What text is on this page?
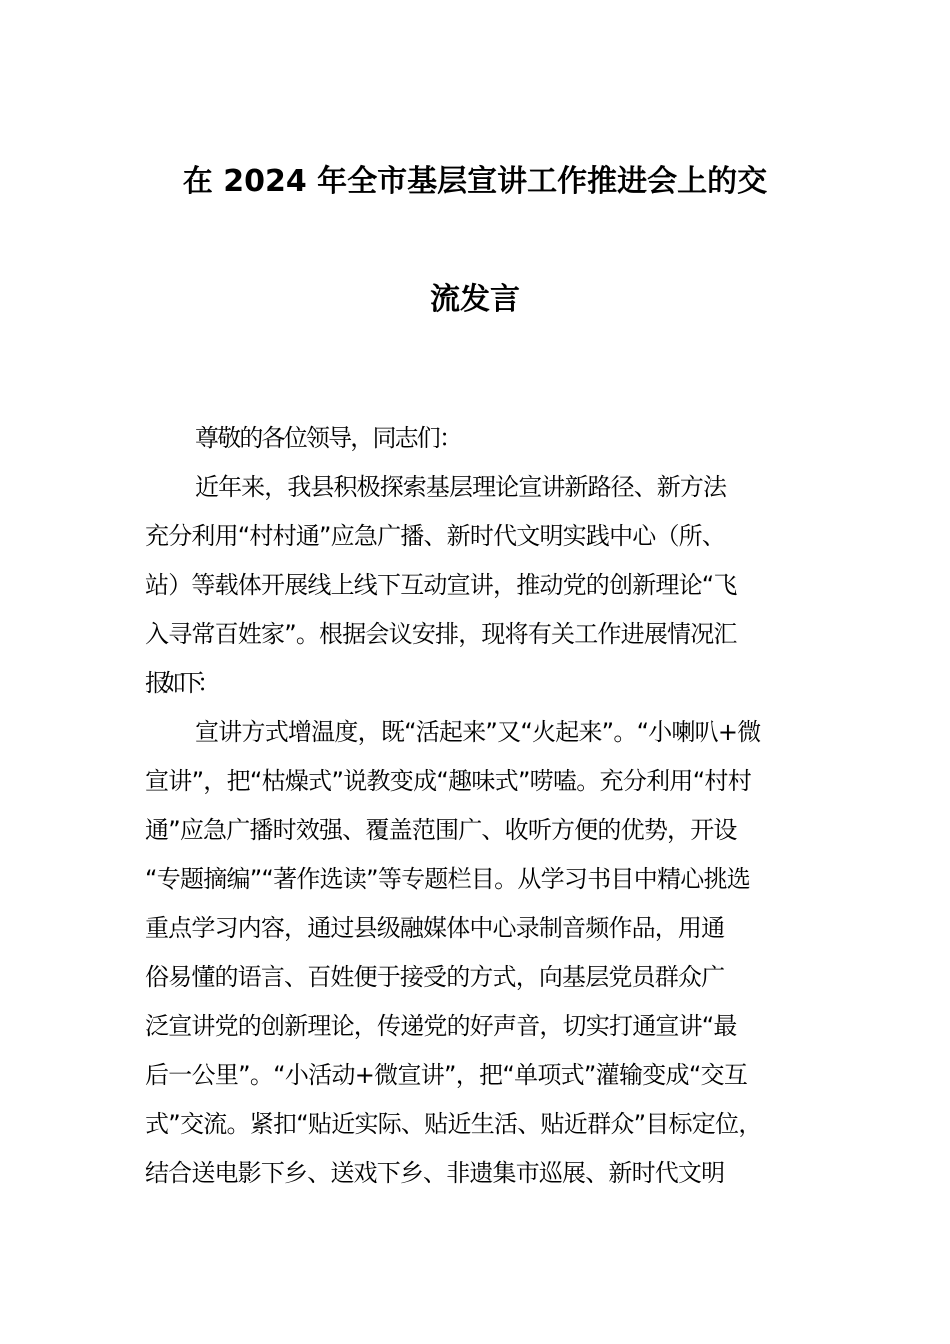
在 2024 年全市基层宣讲工作推进会上的交
流发言
尊敬的各位领导，同志们：
近年来，我县积极探索基层理论宣讲新路径、新方法
充分利用“村村通”应急广播、新时代文明实践中心（所、
站）等载体开展线上线下互动宣讲，推动党的创新理论“飞
入寻常百姓家”。根据会议安排，现将有关工作进展情况汇
报如下：
宣讲方式增温度，既“活起来”又“火起来”。“小喇叭+微
宣讲”，把“枯燥式”说教变成“趣味式”唠嗑。充分利用“村村
通”应急广播时效强、覆盖范围广、收听方便的优势，开设
“专题摘编”“著作选读”等专题栏目。从学习书目中精心挑选
重点学习内容，通过县级融媒体中心录制音频作品，用通
俗易懂的语言、百姓便于接受的方式，向基层党员群众广
泛宣讲党的创新理论，传递党的好声音，切实打通宣讲“最
后一公里”。“小活动+微宣讲”，把“单项式”灌输变成“交互
式”交流。紧扣“贴近实际、贴近生活、贴近群众”目标定位，
结合送电影下乡、送戏下乡、非遗集市巡展、新时代文明
